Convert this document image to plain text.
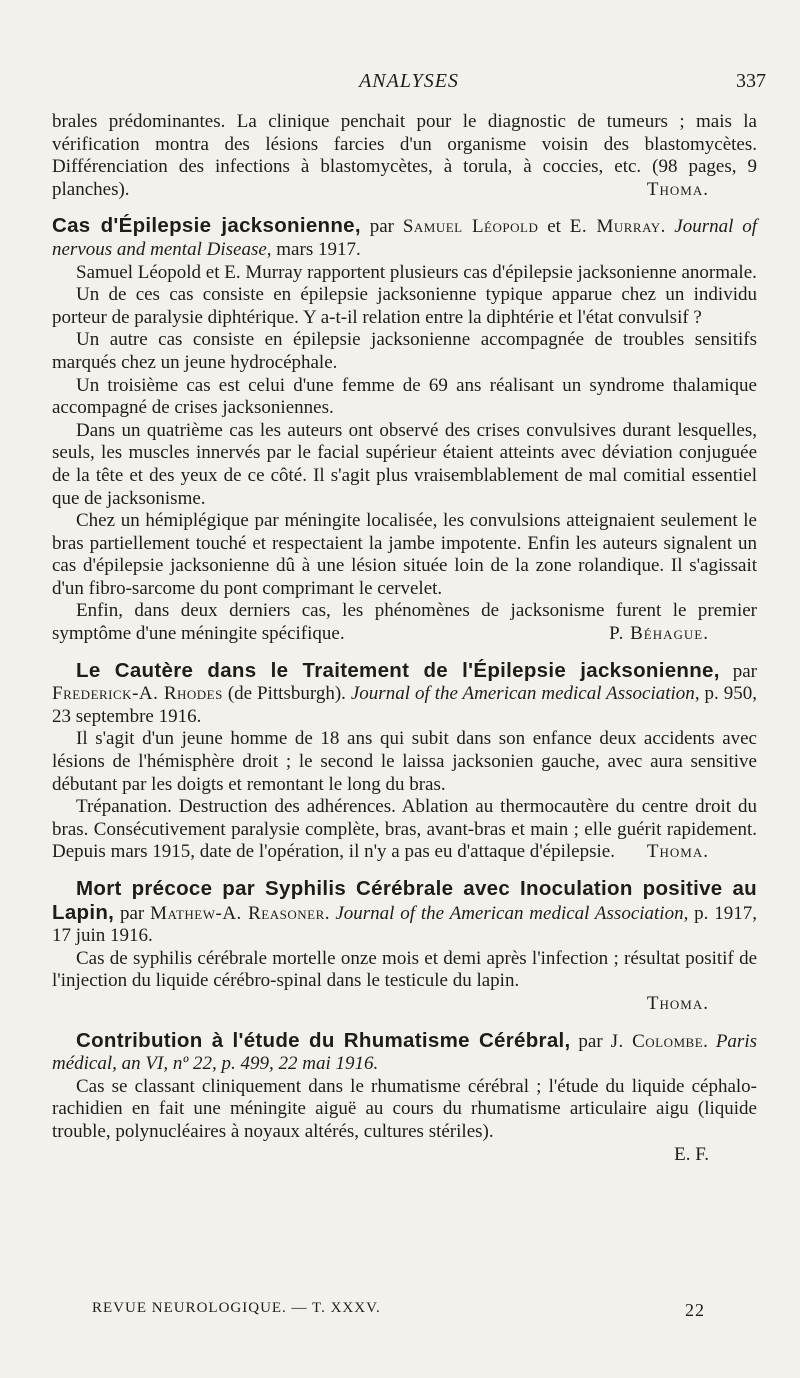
ANALYSES	337

brales prédominantes. La clinique penchait pour le diagnostic de tumeurs ; mais la vérification montra des lésions farcies d'un organisme voisin des blastomycètes. Différenciation des infections à blastomycètes, à torula, à coccies, etc. (98 pages, 9 planches).	Thoma.

Cas d'Épilepsie jacksonienne, par Samuel Léopold et E. Murray. Journal of nervous and mental Disease, mars 1917.

Samuel Léopold et E. Murray rapportent plusieurs cas d'épilepsie jacksonienne anormale.

Un de ces cas consiste en épilepsie jacksonienne typique apparue chez un individu porteur de paralysie diphtérique. Y a-t-il relation entre la diphtérie et l'état convulsif ?

Un autre cas consiste en épilepsie jacksonienne accompagnée de troubles sensitifs marqués chez un jeune hydrocéphale.

Un troisième cas est celui d'une femme de 69 ans réalisant un syndrome thalamique accompagné de crises jacksoniennes.

Dans un quatrième cas les auteurs ont observé des crises convulsives durant lesquelles, seuls, les muscles innervés par le facial supérieur étaient atteints avec déviation conjuguée de la tête et des yeux de ce côté. Il s'agit plus vraisemblablement de mal comitial essentiel que de jacksonisme.

Chez un hémiplégique par méningite localisée, les convulsions atteignaient seulement le bras partiellement touché et respectaient la jambe impotente. Enfin les auteurs signalent un cas d'épilepsie jacksonienne dû à une lésion située loin de la zone rolandique. Il s'agissait d'un fibro-sarcome du pont comprimant le cervelet.

Enfin, dans deux derniers cas, les phénomènes de jacksonisme furent le premier symptôme d'une méningite spécifique.	P. Béhague.

Le Cautère dans le Traitement de l'Épilepsie jacksonienne, par Frederick-A. Rhodes (de Pittsburgh). Journal of the American medical Association, p. 950, 23 septembre 1916.

Il s'agit d'un jeune homme de 18 ans qui subit dans son enfance deux accidents avec lésions de l'hémisphère droit ; le second le laissa jacksonien gauche, avec aura sensitive débutant par les doigts et remontant le long du bras.

Trépanation. Destruction des adhérences. Ablation au thermocautère du centre droit du bras. Consécutivement paralysie complète, bras, avant-bras et main ; elle guérit rapidement. Depuis mars 1915, date de l'opération, il n'y a pas eu d'attaque d'épilepsie.	Thoma.

Mort précoce par Syphilis Cérébrale avec Inoculation positive au Lapin, par Mathew-A. Reasoner. Journal of the American medical Association, p. 1917, 17 juin 1916.

Cas de syphilis cérébrale mortelle onze mois et demi après l'infection ; résultat positif de l'injection du liquide cérébro-spinal dans le testicule du lapin.

Thoma.

Contribution à l'étude du Rhumatisme Cérébral, par J. Colombe. Paris médical, an VI, nº 22, p. 499, 22 mai 1916.

Cas se classant cliniquement dans le rhumatisme cérébral ; l'étude du liquide céphalo-rachidien en fait une méningite aiguë au cours du rhumatisme articulaire aigu (liquide trouble, polynucléaires à noyaux altérés, cultures stériles).

E. F.

REVUE NEUROLOGIQUE. — T. XXXV.	22
